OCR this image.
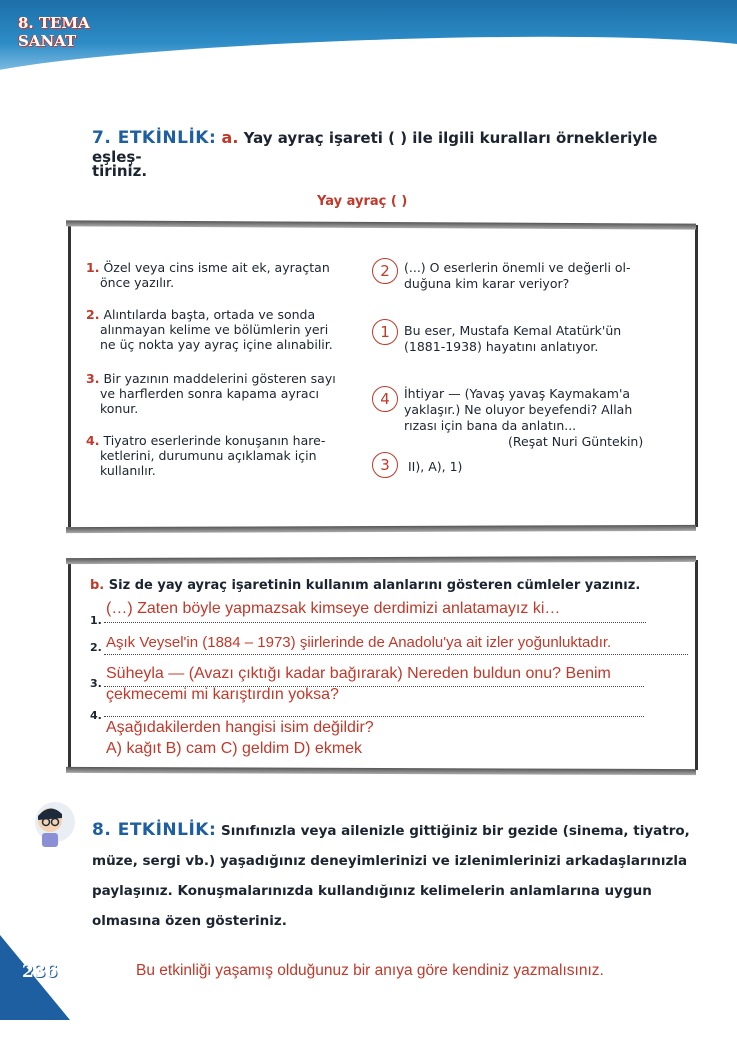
8. TEMA
SANAT
7. ETKİNLİK: a. Yay ayraç işareti ( ) ile ilgili kuralları örnekleriyle eşleş-
tiriniz.
Yay ayraç ( )
1. Özel veya cins isme ait ek, ayraçtan
önce yazılır.
2. Alıntılarda başta, ortada ve sonda
alınmayan kelime ve bölümlerin yeri
ne üç nokta yay ayraç içine alınabilir.
3. Bir yazının maddelerini gösteren sayı
ve harflerden sonra kapama ayracı
konur.
4. Tiyatro eserlerinde konuşanın hare-
ketlerini, durumunu açıklamak için
kullanılır.
2
1
4
3
(...) O eserlerin önemli ve değerli ol-
duğuna kim karar veriyor?
Bu eser, Mustafa Kemal Atatürk'ün
(1881-1938) hayatını anlatıyor.
İhtiyar — (Yavaş yavaş Kaymakam'a
yaklaşır.) Ne oluyor beyefendi? Allah
rızası için bana da anlatın...
(Reşat Nuri Güntekin)
II), A), 1)
b. Siz de yay ayraç işaretinin kullanım alanlarını gösteren cümleler yazınız.
1.
2.
3.
4.
(…) Zaten böyle yapmazsak kimseye derdimizi anlatamayız ki…
Aşık Veysel'in (1884 – 1973) şiirlerinde de Anadolu'ya ait izler yoğunluktadır.
Süheyla — (Avazı çıktığı kadar bağırarak) Nereden buldun onu? Benim
çekmecemi mi karıştırdın yoksa?
Aşağıdakilerden hangisi isim değildir?
A) kağıt B) cam C) geldim D) ekmek
8. ETKİNLİK: Sınıfınızla veya ailenizle gittiğiniz bir gezide (sinema, tiyatro, müze, sergi vb.) yaşadığınız deneyimlerinizi ve izlenimlerinizi arkadaşlarınızla paylaşınız. Konuşmalarınızda kullandığınız kelimelerin anlamlarına uygun olmasına özen gösteriniz.
236	Bu etkinliği yaşamış olduğunuz bir anıya göre kendiniz yazmalısınız.
